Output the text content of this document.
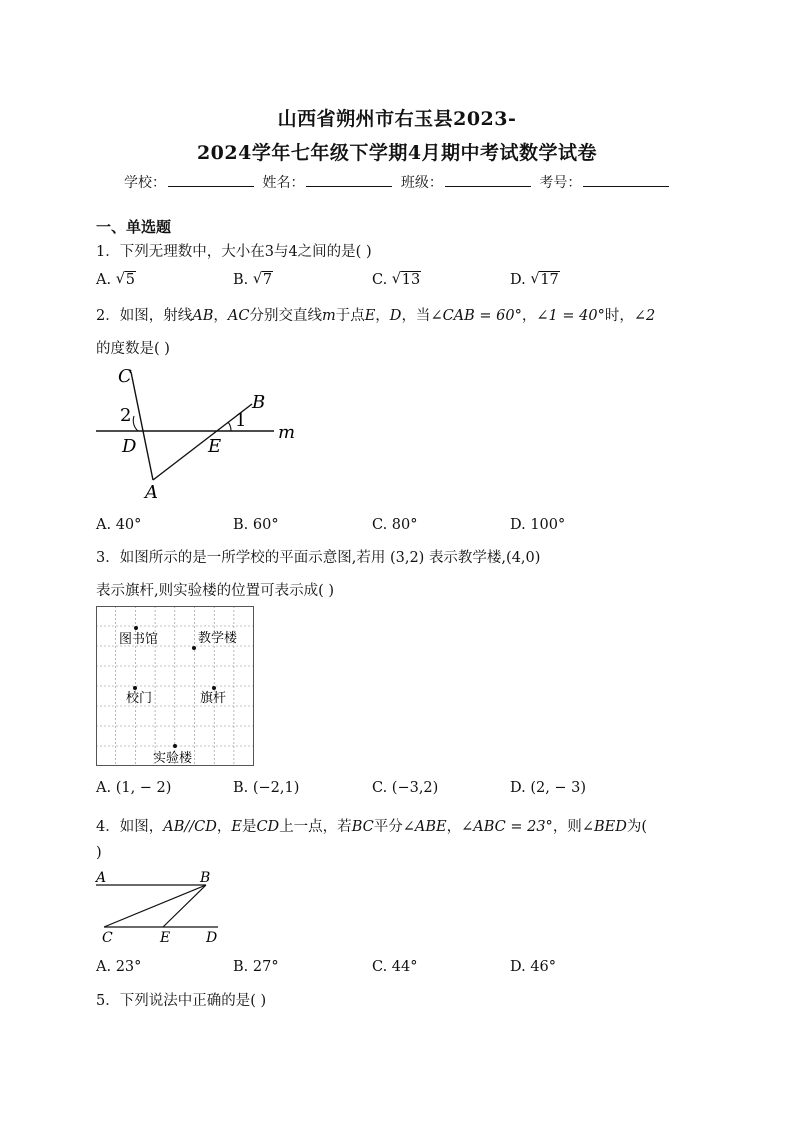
山西省朔州市右玉县2023-
2024学年七年级下学期4月期中考试数学试卷
学校：	姓名：	班级：	考号：
一、单选题
1．下列无理数中，大小在3与4之间的是( )
A. √ 5	B. √ 7	C. √ 13	D. √ 17
2．如图，射线AB，AC分别交直线m于点E，D，当∠CAB = 60°，∠1 = 40°时，∠2
的度数是( )
C
B
2	1
m
D	E
A
A. 40°	B. 60°	C. 80°	D. 100°
3．如图所示的是一所学校的平面示意图,若用 (3,2) 表示教学楼,(4,0)
表示旗杆,则实验楼的位置可表示成( )
图书馆	教学楼
校门	旗杆
实验楼
A. (1, − 2)	B. (−2,1)	C. (−3,2)	D. (2, − 3)
4．如图，AB//CD，E是CD上一点，若BC平分∠ABE，∠ABC = 23°，则∠BED为(
)
A	B
C	E	D
A. 23°	B. 27°	C. 44°	D. 46°
5．下列说法中正确的是( )
